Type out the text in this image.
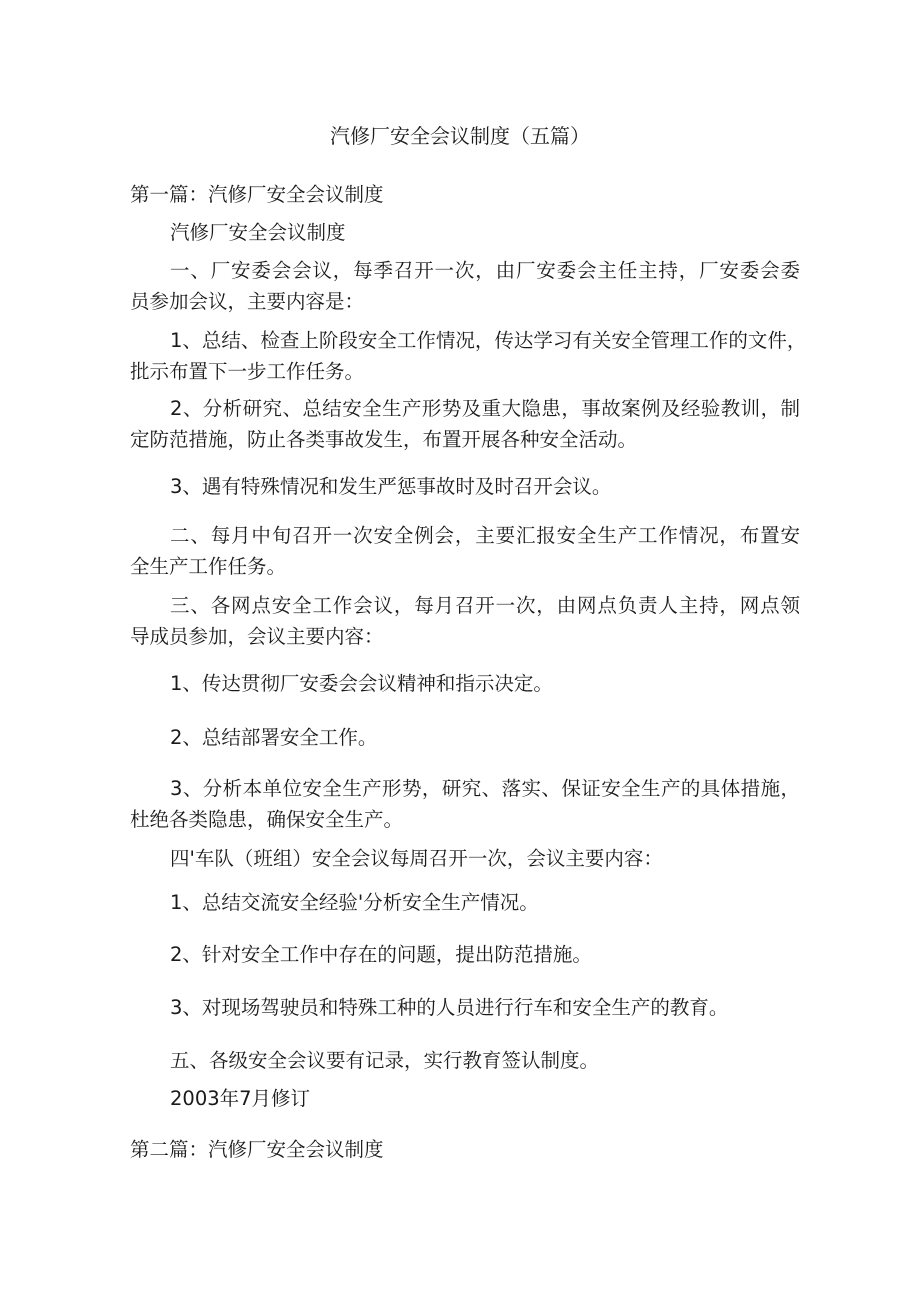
汽修厂安全会议制度（五篇）
第一篇：汽修厂安全会议制度
汽修厂安全会议制度
一、厂安委会会议，每季召开一次，由厂安委会主任主持，厂安委会委
员参加会议，主要内容是：
1、总结、检查上阶段安全工作情况，传达学习有关安全管理工作的文件，
批示布置下一步工作任务。
2、分析研究、总结安全生产形势及重大隐患，事故案例及经验教训，制
定防范措施，防止各类事故发生，布置开展各种安全活动。
3、遇有特殊情况和发生严惩事故时及时召开会议。
二、每月中旬召开一次安全例会，主要汇报安全生产工作情况，布置安
全生产工作任务。
三、各网点安全工作会议，每月召开一次，由网点负责人主持，网点领
导成员参加，会议主要内容：
1、传达贯彻厂安委会会议精神和指示决定。
2、总结部署安全工作。
3、分析本单位安全生产形势，研究、落实、保证安全生产的具体措施，
杜绝各类隐患，确保安全生产。
四'车队（班组）安全会议每周召开一次，会议主要内容：
1、总结交流安全经验'分析安全生产情况。
2、针对安全工作中存在的问题，提出防范措施。
3、对现场驾驶员和特殊工种的人员进行行车和安全生产的教育。
五、各级安全会议要有记录，实行教育签认制度。
2003年7月修订
第二篇：汽修厂安全会议制度
